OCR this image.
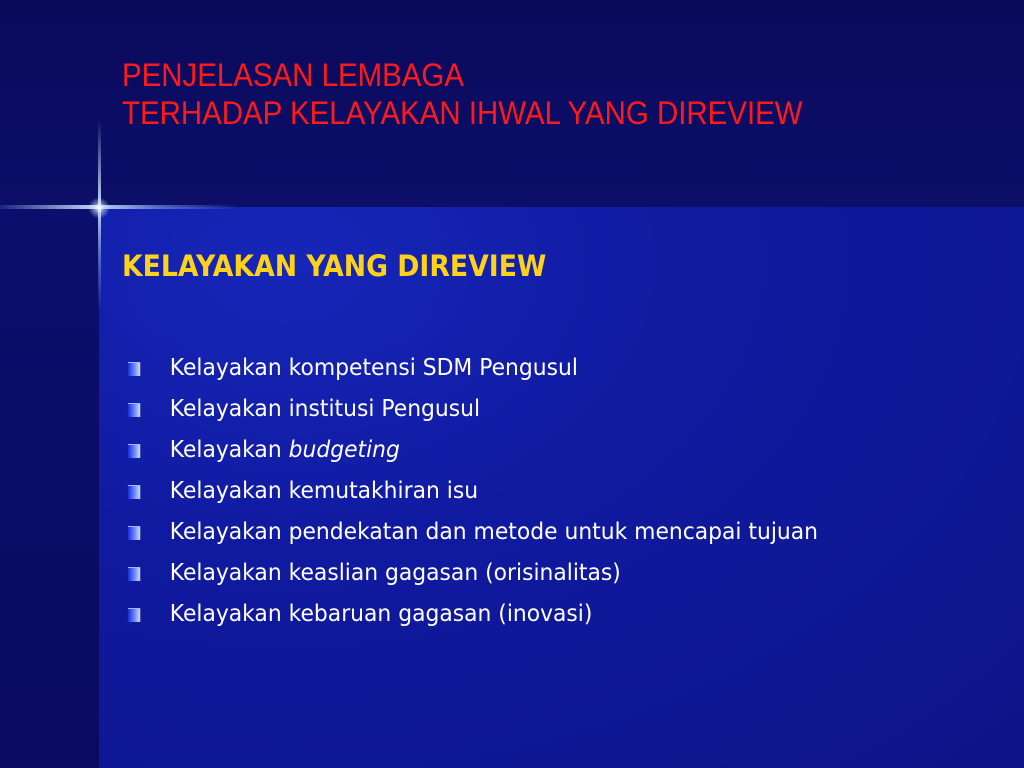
PENJELASAN LEMBAGA
TERHADAP KELAYAKAN IHWAL YANG DIREVIEW
KELAYAKAN YANG DIREVIEW
Kelayakan kompetensi SDM Pengusul
Kelayakan institusi Pengusul
Kelayakan budgeting
Kelayakan kemutakhiran isu
Kelayakan pendekatan dan metode untuk mencapai tujuan
Kelayakan keaslian gagasan (orisinalitas)
Kelayakan kebaruan gagasan (inovasi)
